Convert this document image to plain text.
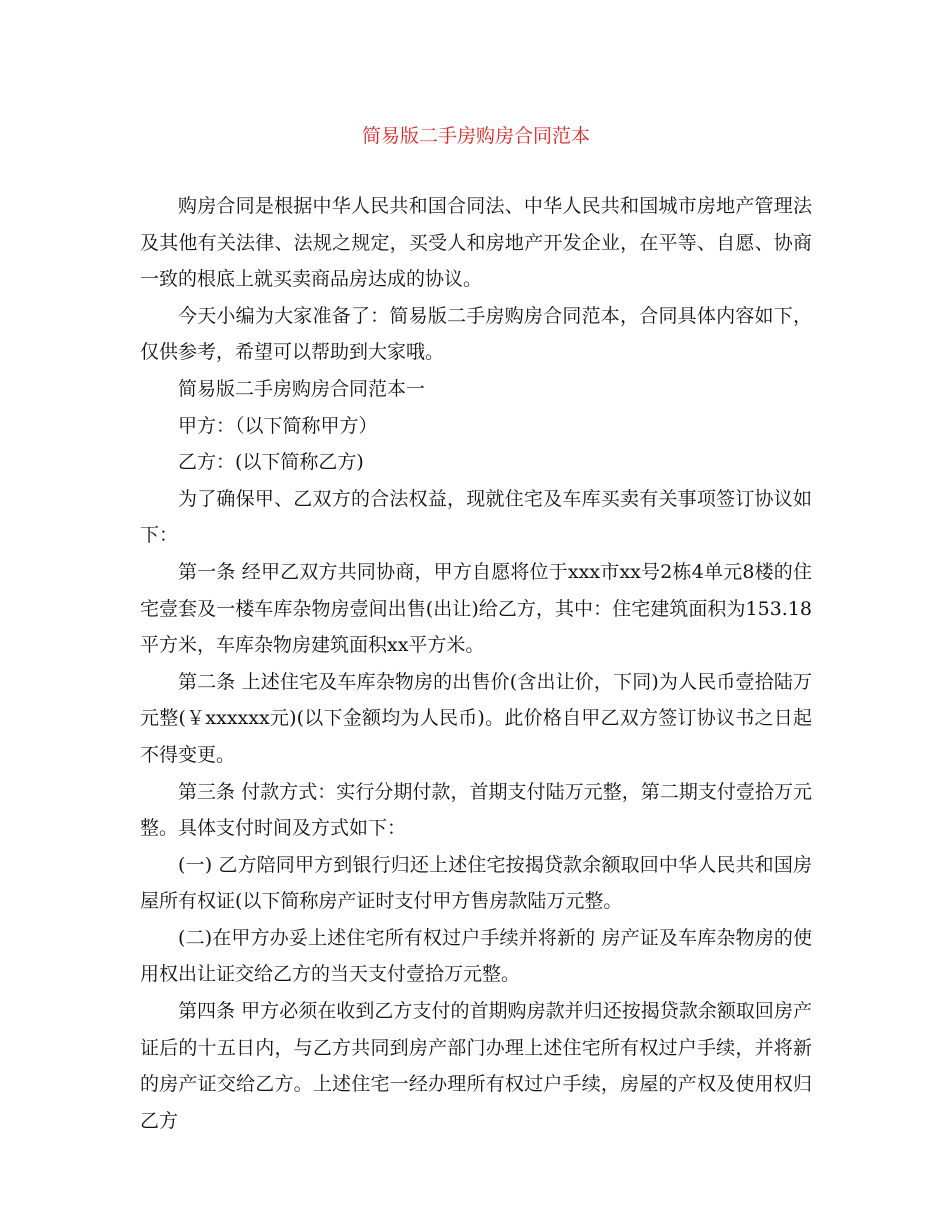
简易版二手房购房合同范本

购房合同是根据中华人民共和国合同法、中华人民共和国城市房地产管理法及其他有关法律、法规之规定，买受人和房地产开发企业，在平等、自愿、协商一致的根底上就买卖商品房达成的协议。

今天小编为大家准备了：简易版二手房购房合同范本，合同具体内容如下，仅供参考，希望可以帮助到大家哦。

简易版二手房购房合同范本一

甲方：（以下简称甲方）

乙方：(以下简称乙方)

为了确保甲、乙双方的合法权益，现就住宅及车库买卖有关事项签订协议如下：

第一条 经甲乙双方共同协商，甲方自愿将位于xxx市xx号2栋4单元8楼的住宅壹套及一楼车库杂物房壹间出售(出让)给乙方，其中：住宅建筑面积为153.18平方米，车库杂物房建筑面积xx平方米。

第二条 上述住宅及车库杂物房的出售价(含出让价，下同)为人民币壹拾陆万元整(￥xxxxxx元)(以下金额均为人民币)。此价格自甲乙双方签订协议书之日起不得变更。

第三条 付款方式：实行分期付款，首期支付陆万元整，第二期支付壹拾万元整。具体支付时间及方式如下：

(一) 乙方陪同甲方到银行归还上述住宅按揭贷款余额取回中华人民共和国房屋所有权证(以下简称房产证时支付甲方售房款陆万元整。

(二)在甲方办妥上述住宅所有权过户手续并将新的 房产证及车库杂物房的使用权出让证交给乙方的当天支付壹拾万元整。

第四条 甲方必须在收到乙方支付的首期购房款并归还按揭贷款余额取回房产证后的十五日内，与乙方共同到房产部门办理上述住宅所有权过户手续，并将新的房产证交给乙方。上述住宅一经办理所有权过户手续，房屋的产权及使用权归乙方
